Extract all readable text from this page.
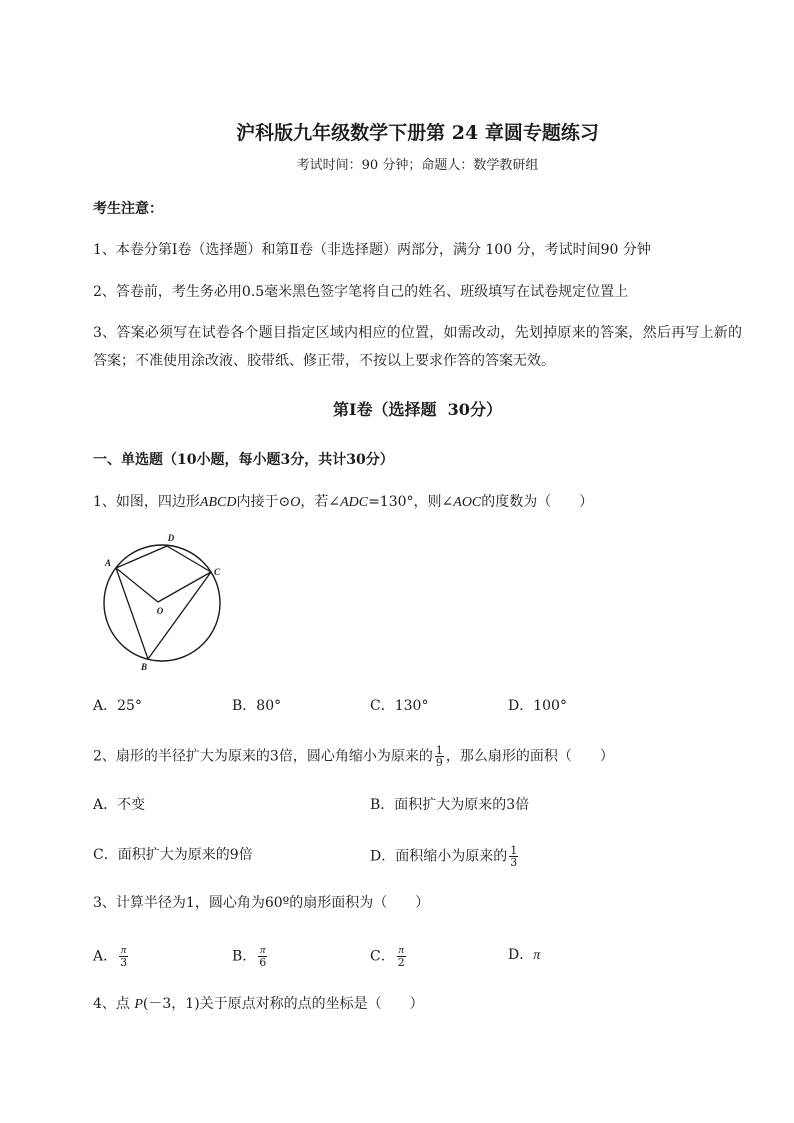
沪科版九年级数学下册第 24 章圆专题练习
考试时间：90 分钟；命题人：数学教研组
考生注意：
1、本卷分第Ⅰ卷（选择题）和第Ⅱ卷（非选择题）两部分，满分 100 分，考试时间90 分钟
2、答卷前，考生务必用0.5毫米黑色签字笔将自己的姓名、班级填写在试卷规定位置上
3、答案必须写在试卷各个题目指定区域内相应的位置，如需改动，先划掉原来的答案，然后再写上新的答案；不准使用涂改液、胶带纸、修正带，不按以上要求作答的答案无效。
第Ⅰ卷（选择题  30分）
一、单选题（10小题，每小题3分，共计30分）
1、如图，四边形ABCD内接于⊙O，若∠ADC=130°，则∠AOC的度数为（　　）
A
D
C
B
O
A．25°	B．80°	C．130°	D．100°
2、扇形的半径扩大为原来的3倍，圆心角缩小为原来的 $\frac{1}{9}$ ，那么扇形的面积（　　）
A．不变	B．面积扩大为原来的3倍
C．面积扩大为原来的9倍	D．面积缩小为原来的 $\frac{1}{3}$
3、计算半径为1，圆心角为60º的扇形面积为（　　）
A． $\frac{\pi}{3}$	B． $\frac{\pi}{6}$	C． $\frac{\pi}{2}$	D．π
4、点 P(－3，1)关于原点对称的点的坐标是（　　）
